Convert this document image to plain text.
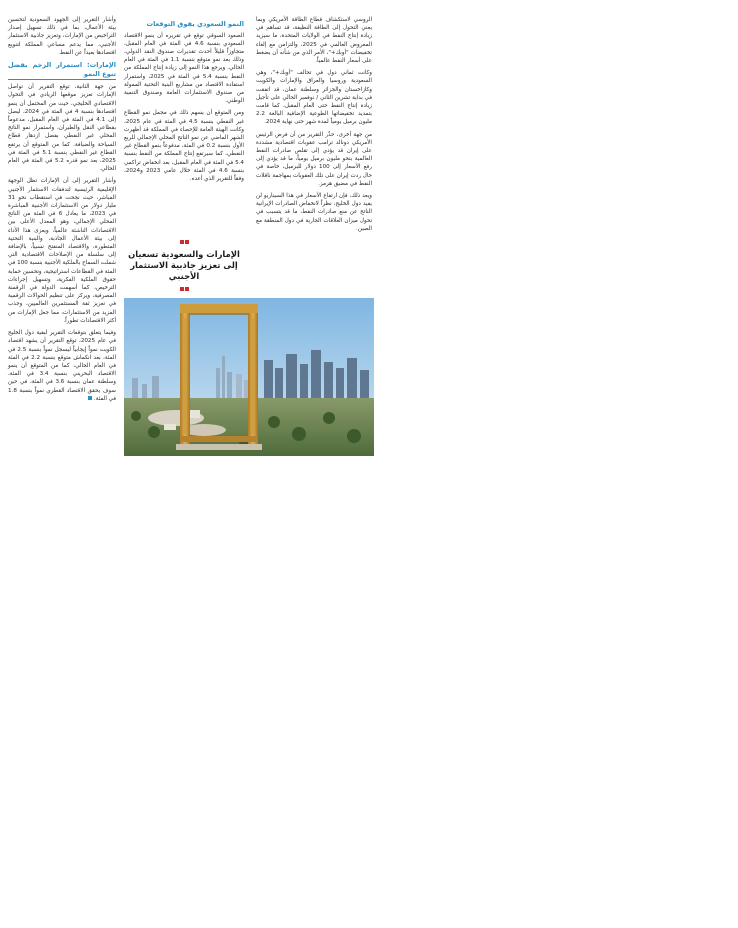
الروسي لاستكشاف قطاع الطاقة الأمريكي وبما يعني التحول إلى الطاقة النظيفة، قد تساهم في زيادة إنتاج النفط في الولايات المتحدة، ما سيزيد المعروض العالمي في 2025، والتزامن مع إلغاء تخفيضات "أوبك+"، الأمر الذي من شأنه أن يضغط على أسعار النفط عالمياً.

وكانت ثماني دول في تحالف "أوبك+"، وهي السعودية وروسيا والعراق والإمارات والكويت وكازاخستان والجزائر وسلطنة عمان، قد اتفقت في بداية تشرين الثاني / نوفمبر الحالي على تأجيل زيادة إنتاج النفط حتى العام المقبل، كما قامت بتمديد تخفيضاتها الطوعية الإضافية البالغة 2.2 مليون برميل يومياً لمدة شهر حتى نهاية 2024.

من جهة أخرى، حذّر التقرير من أن فرض الرئيس الأمريكي دونالد ترامب عقوبات اقتصادية مشددة على إيران قد يؤدي إلى تقلص صادرات النفط العالمية بنحو مليون برميل يومياً، ما قد يؤدي إلى رفع الأسعار إلى 100 دولار للبرميل، خاصة في حال ردت إيران على تلك العقوبات بمهاجمة ناقلات النفط في مضيق هرمز.

ويعد ذلك، فإن ارتفاع الأسعار في هذا السيناريو لن يفيد دول الخليج، نظراً لانخفاض الصادرات الإيرانية الناتج عن منع صادرات النفط، ما قد يتسبب في تحول ميزان العلاقات الجارية في دول المنطقة مع الصين.

النمو السعودي يفوق التوقعات

الصعود السوقي توقع في تقريره أن ينمو الاقتصاد السعودي بنسبة 4.6 في المئة في العام المقبل، متجاوزاً قليلاً أحدث تقديرات صندوق النقد الدولي، وذلك بعد نمو متوقع بنسبة 1.1 في المئة في العام الحالي. ويرجع هذا النمو إلى زيادة إنتاج المملكة من النفط بنسبة 5.4 في المئة في 2025، واستمرار استفادة الاقتصاد من مشاريع البنية التحتية الممولة من صندوق الاستثمارات العامة وصندوق التنمية الوطني.

ومن المتوقع أن يسهم ذلك في مجمل نمو القطاع غير النفطي بنسبة 4.5 في المئة في عام 2025، وكانت الهيئة العامة للإحصاء في المملكة قد أظهرت الشهر الماضي عن نمو الناتج المحلي الإجمالي للربع الأول بنسبة 0.2 في المئة، مدفوعاً بنمو القطاع غير النفطي، كما سيرتفع إنتاج المملكة من النفط بنسبة 5.4 في المئة في العام المقبل، بعد انخفاض تراكمي بنسبة 4.6 في المئة خلال عامي 2023 و2024، وفقاً للتقرير الذي أعده.

الإمارات والسعودية تسعيان إلى تعزيز جاذبية الاستثمار الأجنبي

وأشار التقرير إلى الجهود السعودية لتحسين بيئة الأعمال، بما في ذلك تسهيل إصدار التراخيص من الإمارات، وتعزيز جاذبية الاستثمار الأجنبي، مما يدعم مساعي المملكة لتنويع اقتصادها بعيداً عن النفط.

الإمارات: استمرار الزخم بفضل تنوع النمو

من جهة الثانية، توقع التقرير أن تواصل الإمارات تعزيز موقعها الريادي في التحول الاقتصادي الخليجي، حيث من المحتمل أن ينمو اقتصادها بنسبة 4 في المئة في 2024، ليصل إلى 4.1 في المئة في العام المقبل، مدعوماً بقطاعي النقل والطيران، واستمرار نمو الناتج المحلي غير النفطي بفضل ازدهار قطاع السياحة والضيافة. كما من المتوقع أن يرتفع القطاع غير النفطي بنسبة 5.1 في المئة في 2025، بعد نمو قدره 5.2 في المئة في العام الحالي.

وأشار التقرير إلى أن الإمارات تظل الوجهة الإقليمية الرئيسية لتدفقات الاستثمار الأجنبي المباشر، حيث نجحت في استقطاب نحو 31 مليار دولار من الاستثمارات الأجنبية المباشرة في 2023، ما يعادل 6 في المئة من الناتج المحلي الإجمالي، وهو المعدل الأعلى بين الاقتصادات الناشئة عالمياً، ويعزى هذا الأداء إلى بيئة الأعمال الجاذبة، والبنية التحتية المتطورة، والاقتصاد المنفتح نسبياً، بالإضافة إلى سلسلة من الإصلاحات الاقتصادية التي شملت السماح بالملكية الأجنبية بنسبة 100 في المئة في القطاعات استراتيجية، وتحسين حماية حقوق الملكية الفكرية، وتسهيل إجراءات الترخيص، كما أسهمت الدولة في الرقمنة المصرفية، ويركز على تنظيم الحوالات الرقمية في تعزيز ثقة المستثمرين العالميين، وجذب المزيد من الاستثمارات، مما جعل الإمارات من أكثر الاقتصادات تطوراً.

وفيما يتعلق بتوقعات التقرير لبقية دول الخليج في عام 2025، توقع التقرير أن يشهد اقتصاد الكويت نمواً إيجابياً ليسجل نمواً بنسبة 2.5 في المئة، بعد انكماش متوقع بنسبة 2.2 في المئة في العام الحالي، كما من المتوقع أن ينمو الاقتصاد البحريني بنسبة 3.4 في المئة، وسلطنة عمان بنسبة 3.6 في المئة، في حين سوف يحقق الاقتصاد القطري نمواً بنسبة 1.8 في المئة.
